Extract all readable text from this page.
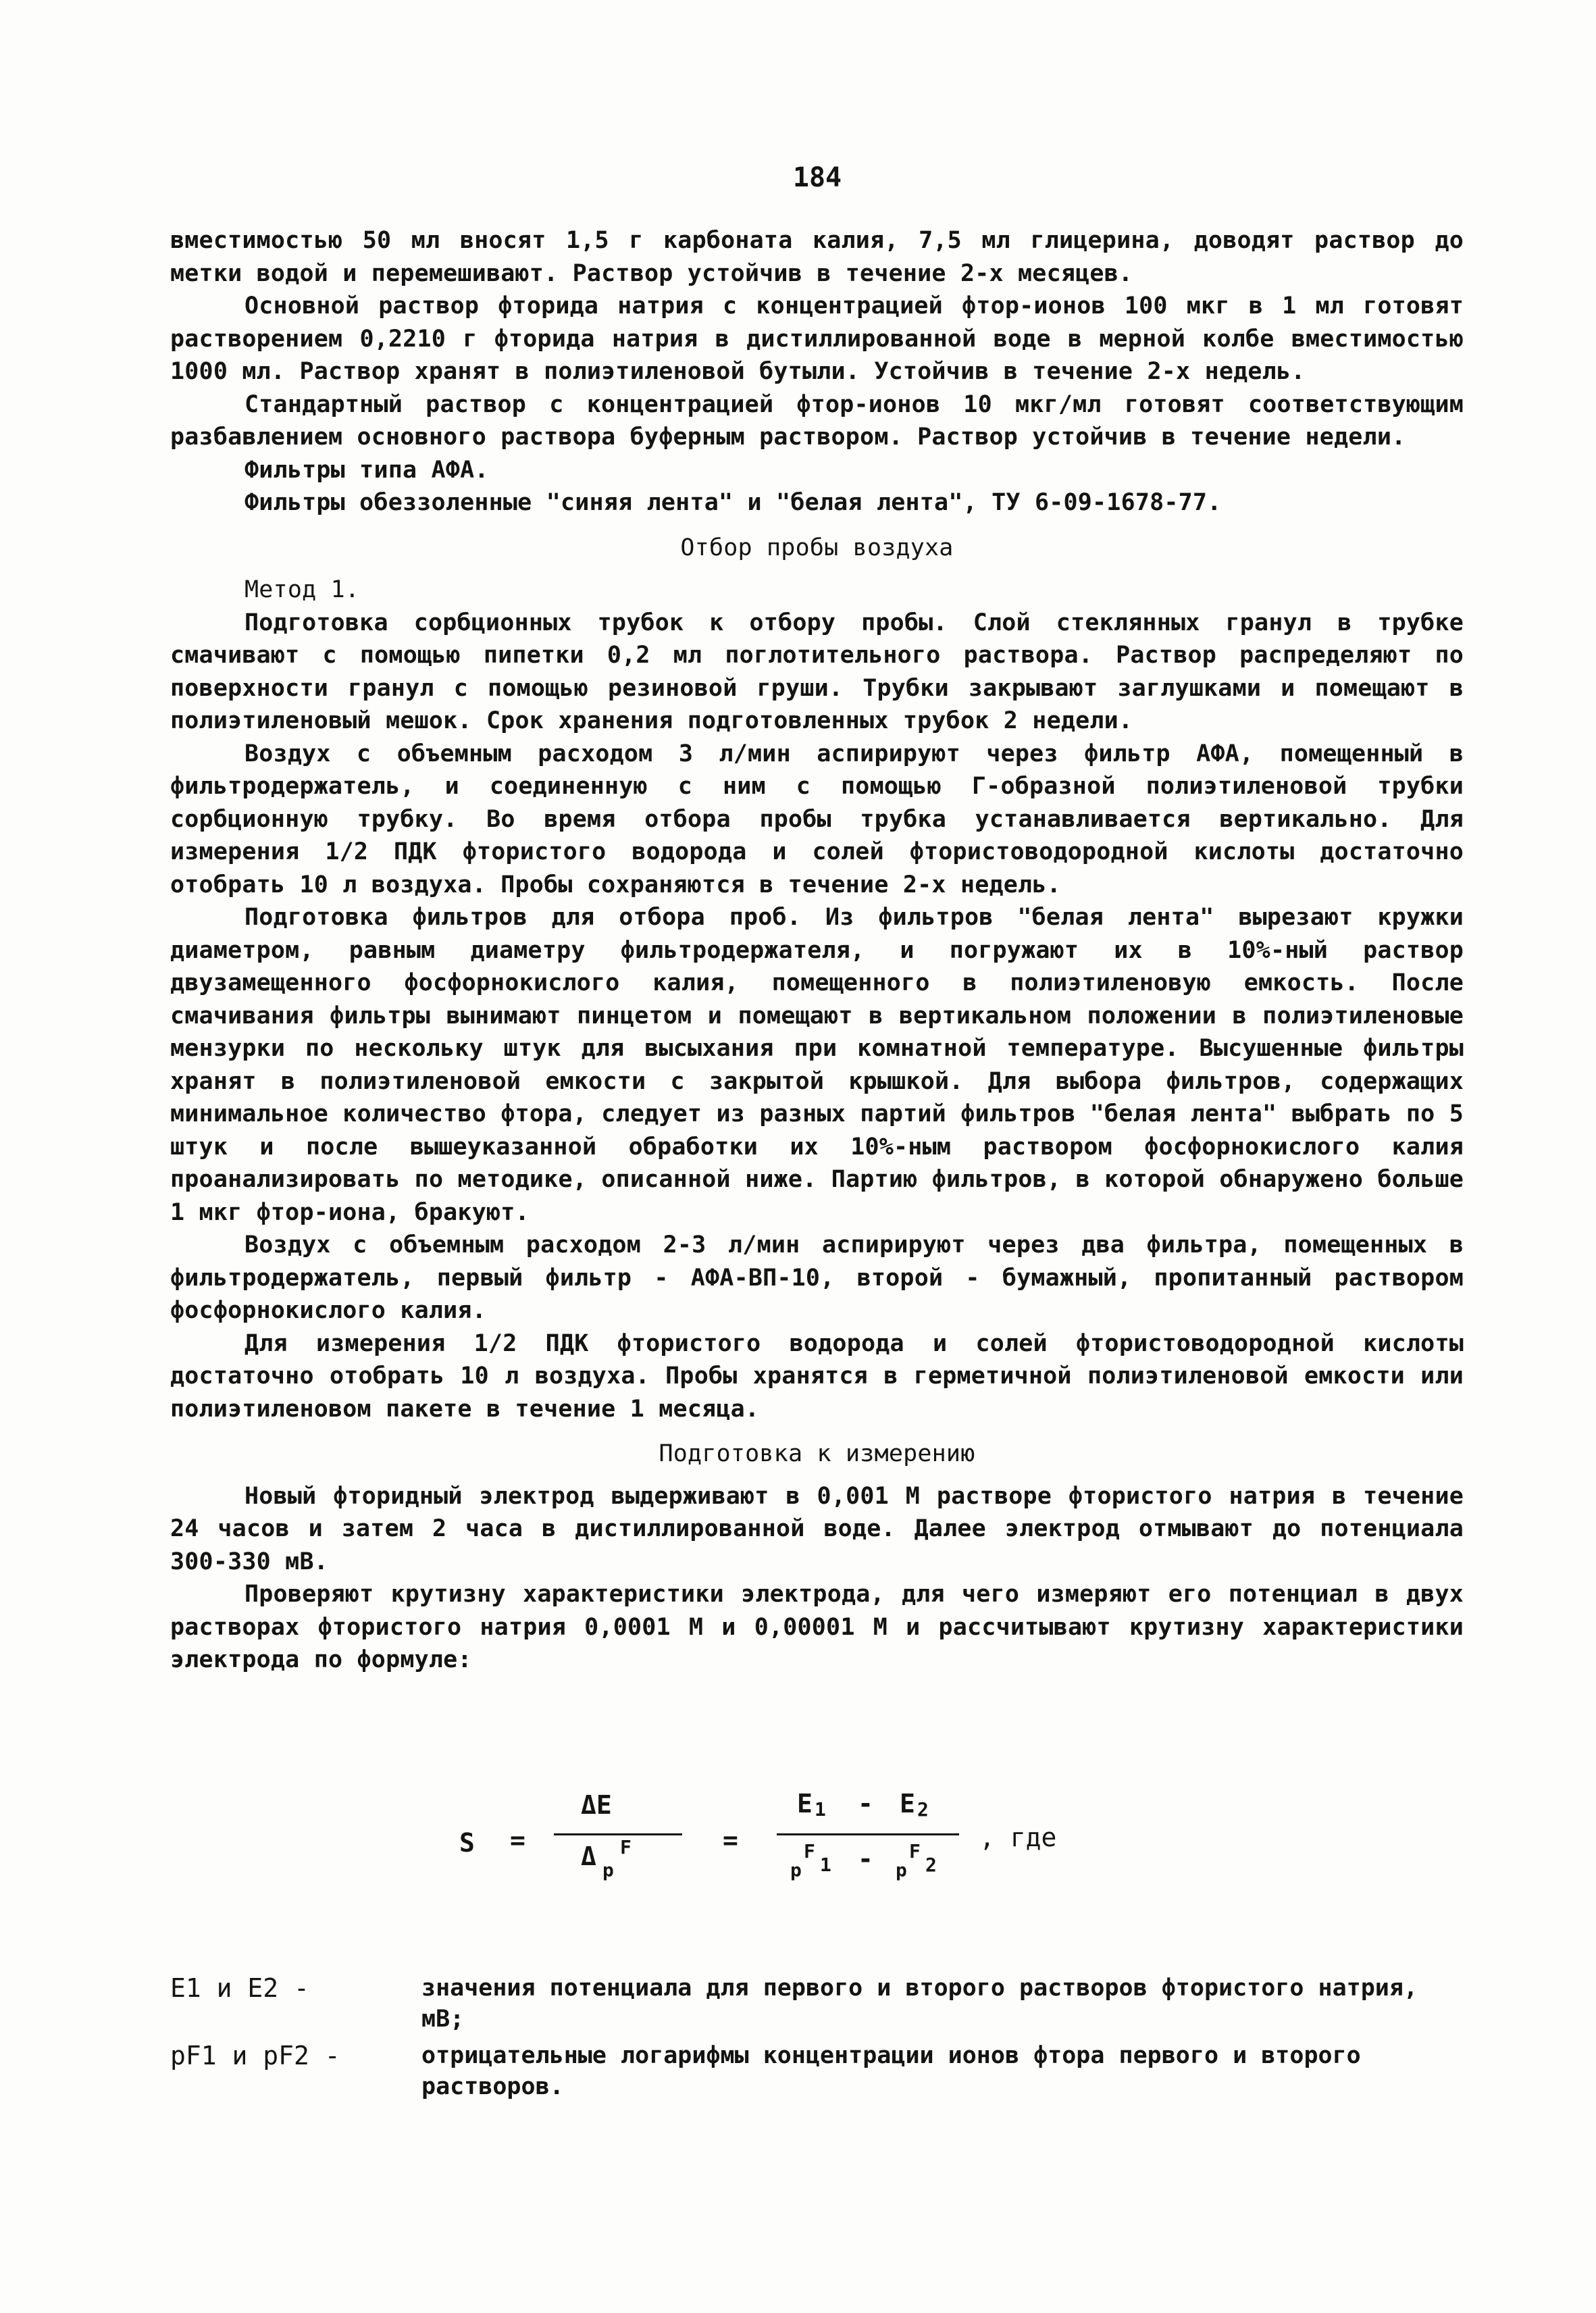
184

вместимостью 50 мл вносят 1,5 г карбоната калия, 7,5 мл глицерина, доводят раствор до метки водой и перемешивают. Раствор устойчив в течение 2-х месяцев.

Основной раствор фторида натрия с концентрацией фтор-ионов 100 мкг в 1 мл готовят растворением 0,2210 г фторида натрия в дистиллированной воде в мерной колбе вместимостью 1000 мл. Раствор хранят в полиэтиленовой бутыли. Устойчив в течение 2-х недель.

Стандартный раствор с концентрацией фтор-ионов 10 мкг/мл готовят соответствующим разбавлением основного раствора буферным раствором. Раствор устойчив в течение недели.

Фильтры типа АФА.

Фильтры обеззоленные "синяя лента" и "белая лента", ТУ 6-09-1678-77.

Отбор пробы воздуха

Метод 1.

Подготовка сорбционных трубок к отбору пробы. Слой стеклянных гранул в трубке смачивают с помощью пипетки 0,2 мл поглотительного раствора. Раствор распределяют по поверхности гранул с помощью резиновой груши. Трубки закрывают заглушками и помещают в полиэтиленовый мешок. Срок хранения подготовленных трубок 2 недели.

Воздух с объемным расходом 3 л/мин аспирируют через фильтр АФА, помещенный в фильтродержатель, и соединенную с ним с помощью Г-образной полиэтиленовой трубки сорбционную трубку. Во время отбора пробы трубка устанавливается вертикально. Для измерения 1/2 ПДК фтористого водорода и солей фтористоводородной кислоты достаточно отобрать 10 л воздуха. Пробы сохраняются в течение 2-х недель.

Подготовка фильтров для отбора проб. Из фильтров "белая лента" вырезают кружки диаметром, равным диаметру фильтродержателя, и погружают их в 10%-ный раствор двузамещенного фосфорнокислого калия, помещенного в полиэтиленовую емкость. После смачивания фильтры вынимают пинцетом и помещают в вертикальном положении в полиэтиленовые мензурки по нескольку штук для высыхания при комнатной температуре. Высушенные фильтры хранят в полиэтиленовой емкости с закрытой крышкой. Для выбора фильтров, содержащих минимальное количество фтора, следует из разных партий фильтров "белая лента" выбрать по 5 штук и после вышеуказанной обработки их 10%-ным раствором фосфорнокислого калия проанализировать по методике, описанной ниже. Партию фильтров, в которой обнаружено больше 1 мкг фтор-иона, бракуют.

Воздух с объемным расходом 2-3 л/мин аспирируют через два фильтра, помещенных в фильтродержатель, первый фильтр - АФА-ВП-10, второй - бумажный, пропитанный раствором фосфорнокислого калия.

Для измерения 1/2 ПДК фтористого водорода и солей фтористоводородной кислоты достаточно отобрать 10 л воздуха. Пробы хранятся в герметичной полиэтиленовой емкости или полиэтиленовом пакете в течение 1 месяца.

Подготовка к измерению

Новый фторидный электрод выдерживают в 0,001 М растворе фтористого натрия в течение 24 часов и затем 2 часа в дистиллированной воде. Далее электрод отмывают до потенциала 300-330 мВ.

Проверяют крутизну характеристики электрода, для чего измеряют его потенциал в двух растворах фтористого натрия 0,0001 М и 0,00001 М и рассчитывают крутизну характеристики электрода по формуле:

S =
ΔE
Δ p
F	=
E 1 - E 2
p
F
1 - p
F
2
, где
E1 и E2 -	значения потенциала для первого и второго растворов фтористого натрия, мВ;
pF1 и pF2 -	отрицательные логарифмы концентрации ионов фтора первого и второго растворов.
